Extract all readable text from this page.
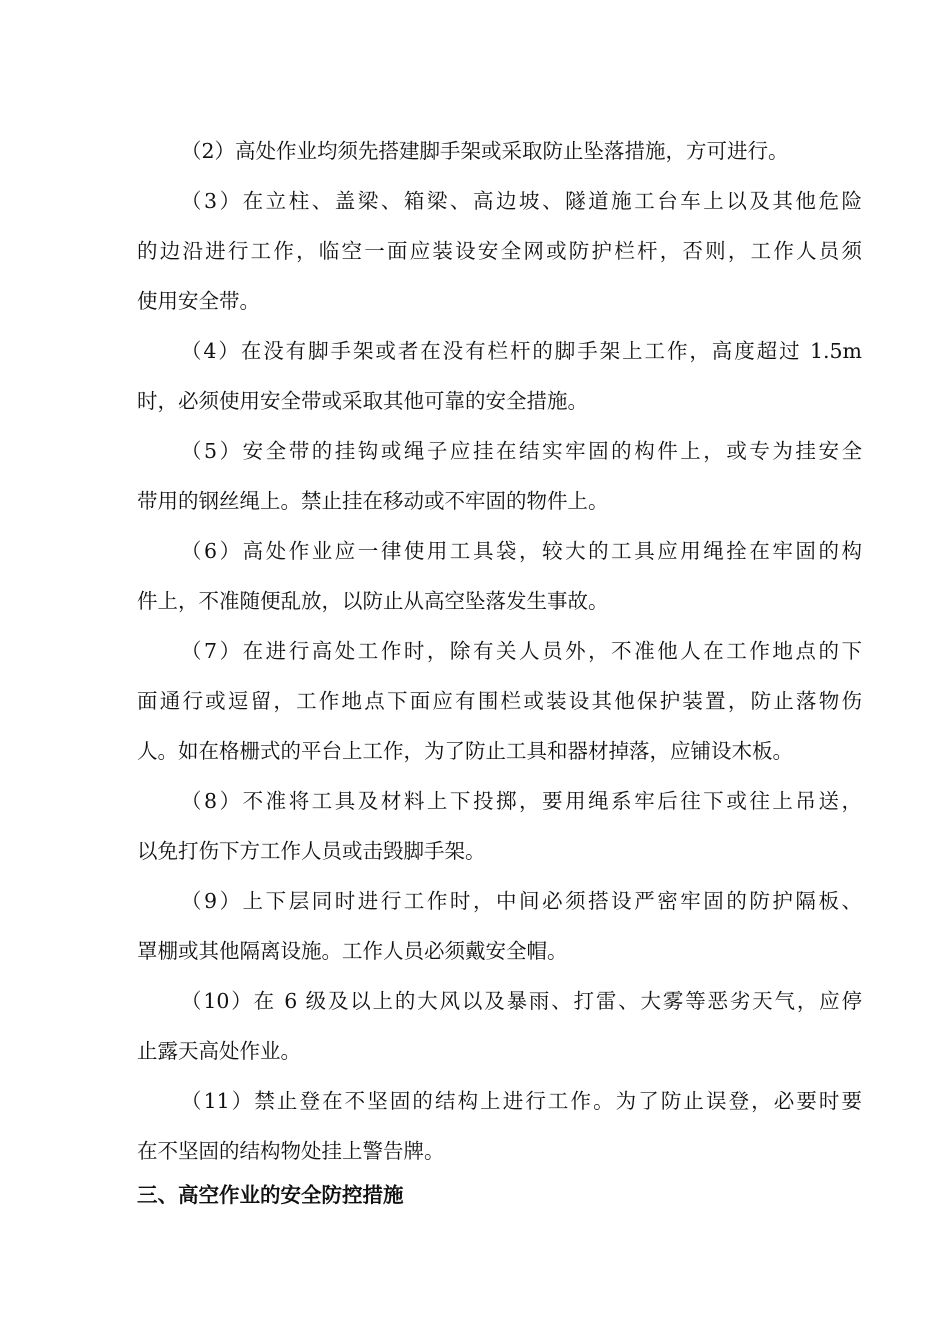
（2）高处作业均须先搭建脚手架或采取防止坠落措施，方可进行。
（3）在立柱、盖梁、箱梁、高边坡、隧道施工台车上以及其他危险
的边沿进行工作，临空一面应装设安全网或防护栏杆，否则，工作人员须
使用安全带。
（4）在没有脚手架或者在没有栏杆的脚手架上工作，高度超过 1.5m
时，必须使用安全带或采取其他可靠的安全措施。
（5）安全带的挂钩或绳子应挂在结实牢固的构件上，或专为挂安全
带用的钢丝绳上。禁止挂在移动或不牢固的物件上。
（6）高处作业应一律使用工具袋，较大的工具应用绳拴在牢固的构
件上，不准随便乱放，以防止从高空坠落发生事故。
（7）在进行高处工作时，除有关人员外，不准他人在工作地点的下
面通行或逗留，工作地点下面应有围栏或装设其他保护装置，防止落物伤
人。如在格栅式的平台上工作，为了防止工具和器材掉落，应铺设木板。
（8）不准将工具及材料上下投掷，要用绳系牢后往下或往上吊送，
以免打伤下方工作人员或击毁脚手架。
（9）上下层同时进行工作时，中间必须搭设严密牢固的防护隔板、
罩棚或其他隔离设施。工作人员必须戴安全帽。
（10）在 6 级及以上的大风以及暴雨、打雷、大雾等恶劣天气，应停
止露天高处作业。
（11）禁止登在不坚固的结构上进行工作。为了防止误登，必要时要
在不坚固的结构物处挂上警告牌。
三、高空作业的安全防控措施
